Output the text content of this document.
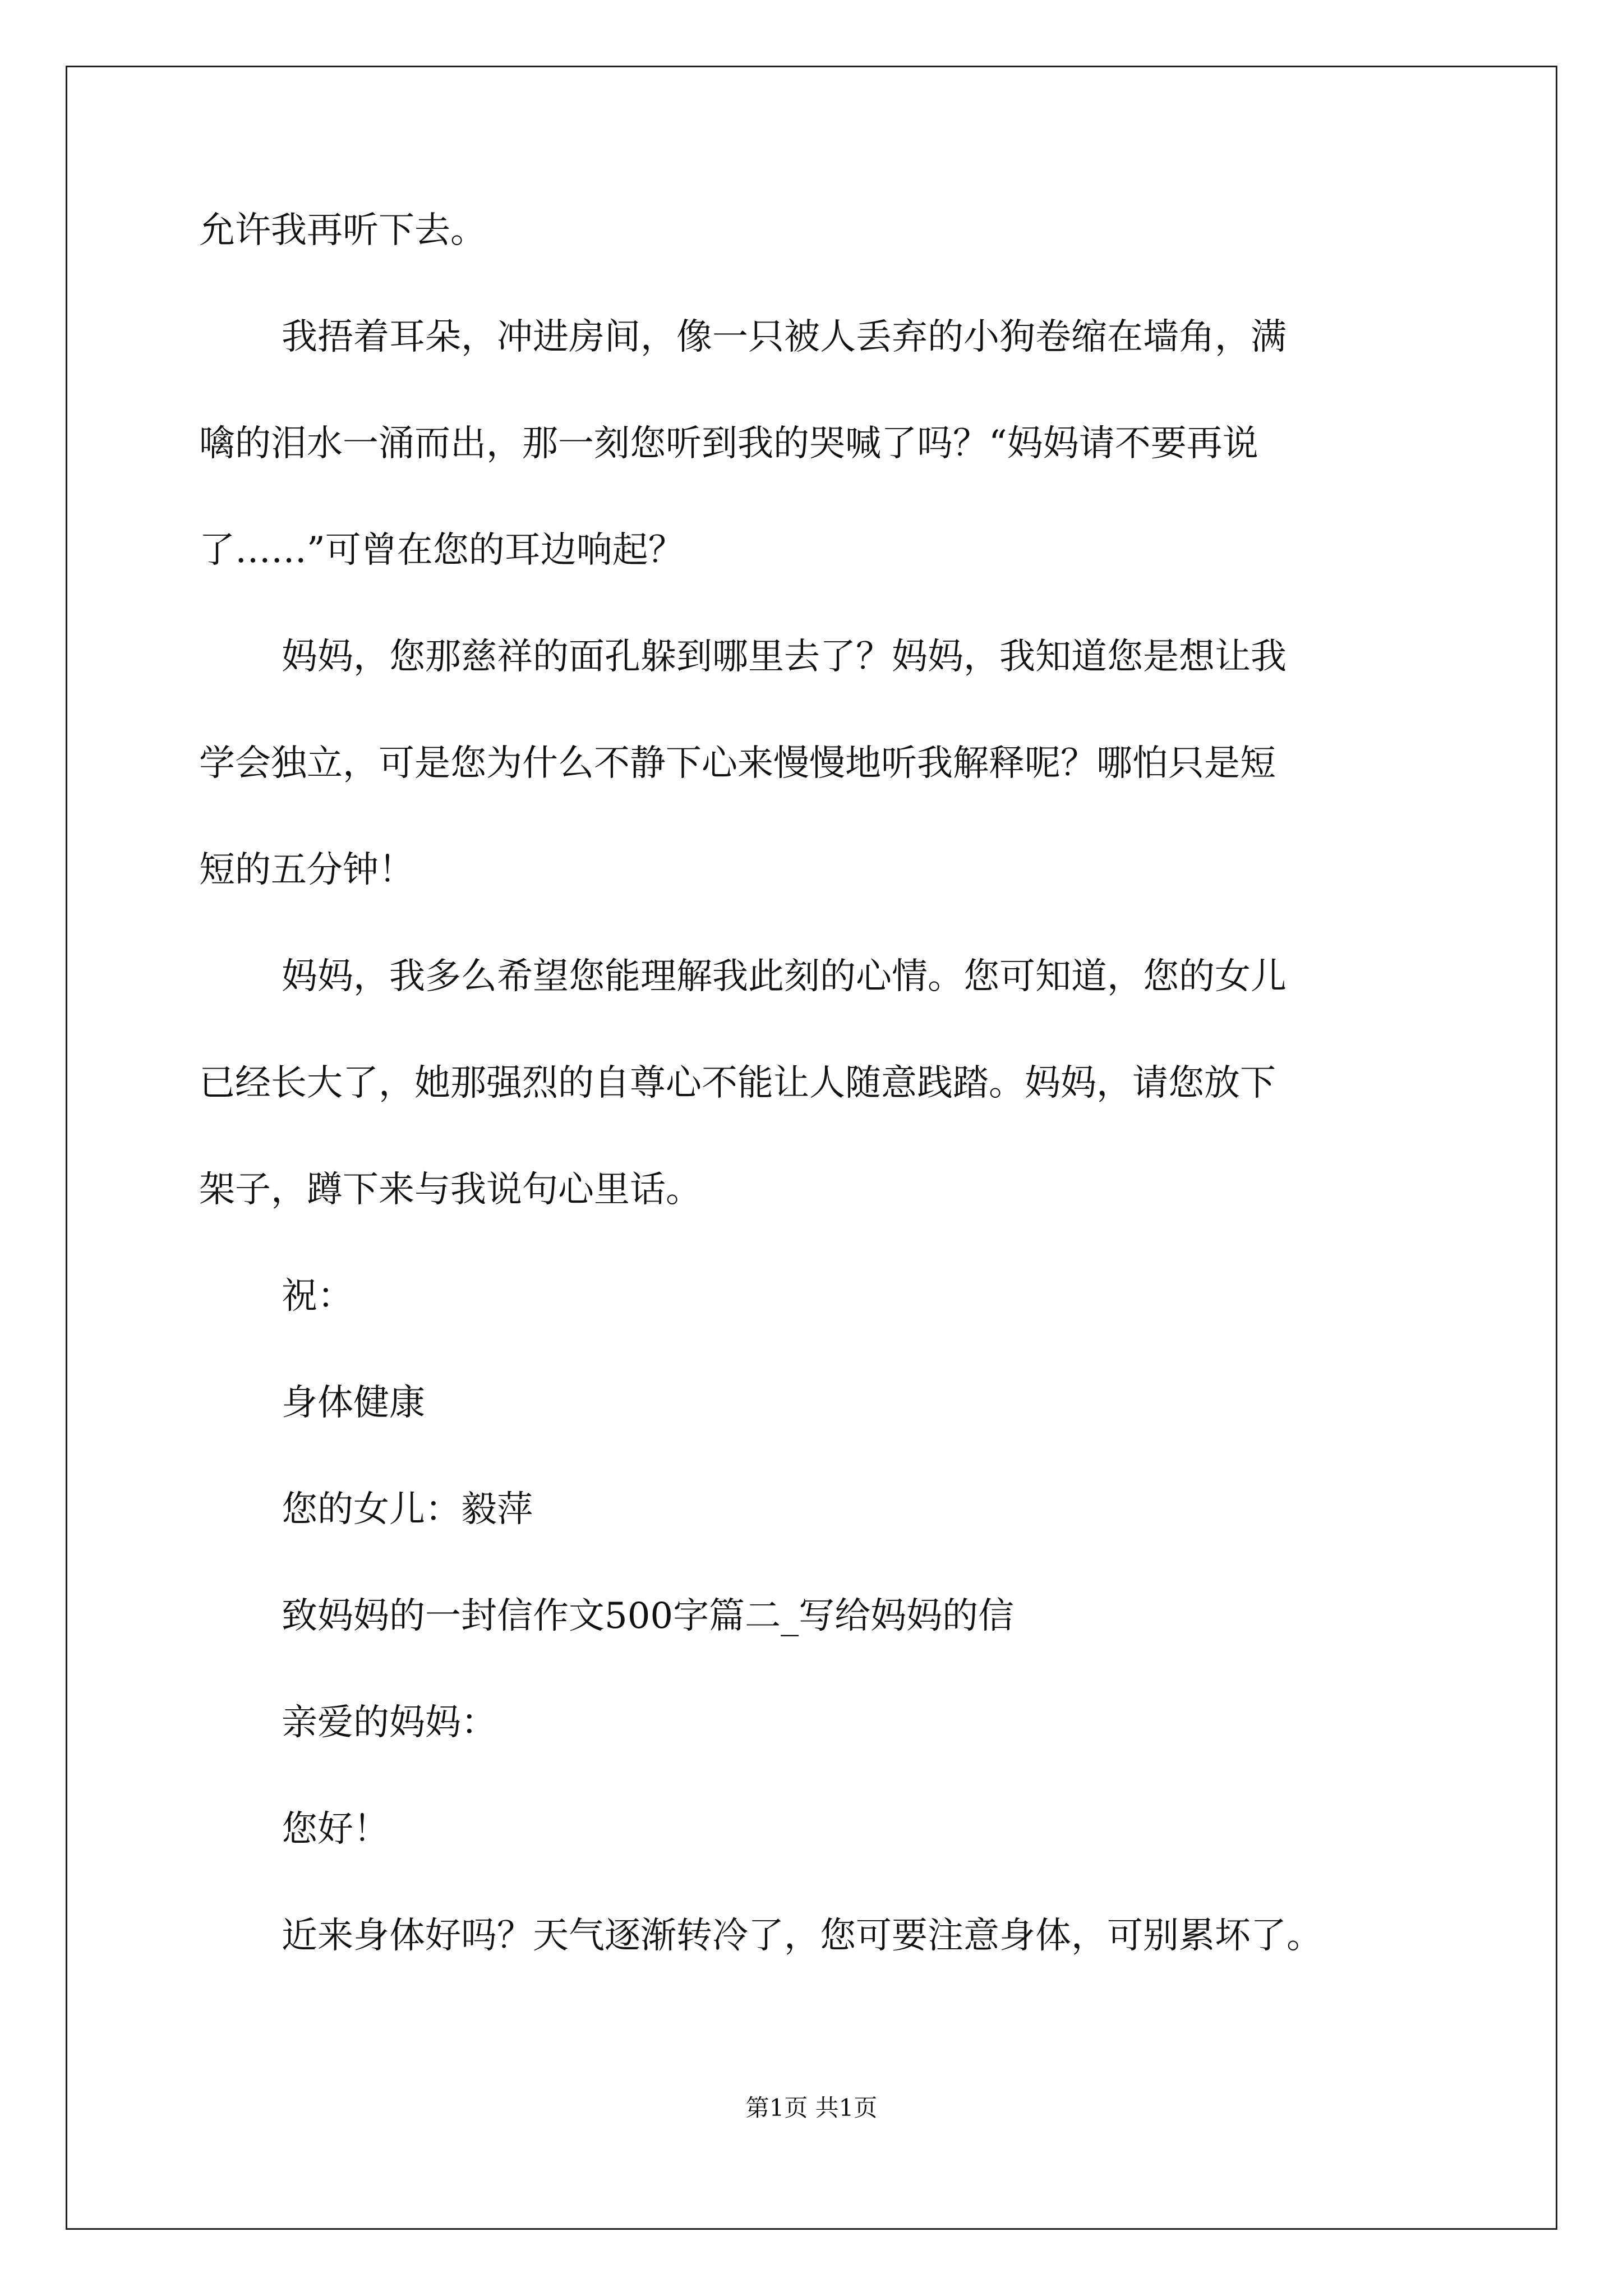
允许我再听下去。
我捂着耳朵，冲进房间，像一只被人丢弃的小狗卷缩在墙角，满
噙的泪水一涌而出，那一刻您听到我的哭喊了吗？“妈妈请不要再说
了……”可曾在您的耳边响起？
妈妈，您那慈祥的面孔躲到哪里去了？妈妈，我知道您是想让我
学会独立，可是您为什么不静下心来慢慢地听我解释呢？哪怕只是短
短的五分钟！
妈妈，我多么希望您能理解我此刻的心情。您可知道，您的女儿
已经长大了，她那强烈的自尊心不能让人随意践踏。妈妈，请您放下
架子，蹲下来与我说句心里话。
祝：
身体健康
您的女儿：毅萍
致妈妈的一封信作文500字篇二_写给妈妈的信
亲爱的妈妈：
您好！
近来身体好吗？天气逐渐转冷了，您可要注意身体，可别累坏了。
第1页 共1页
